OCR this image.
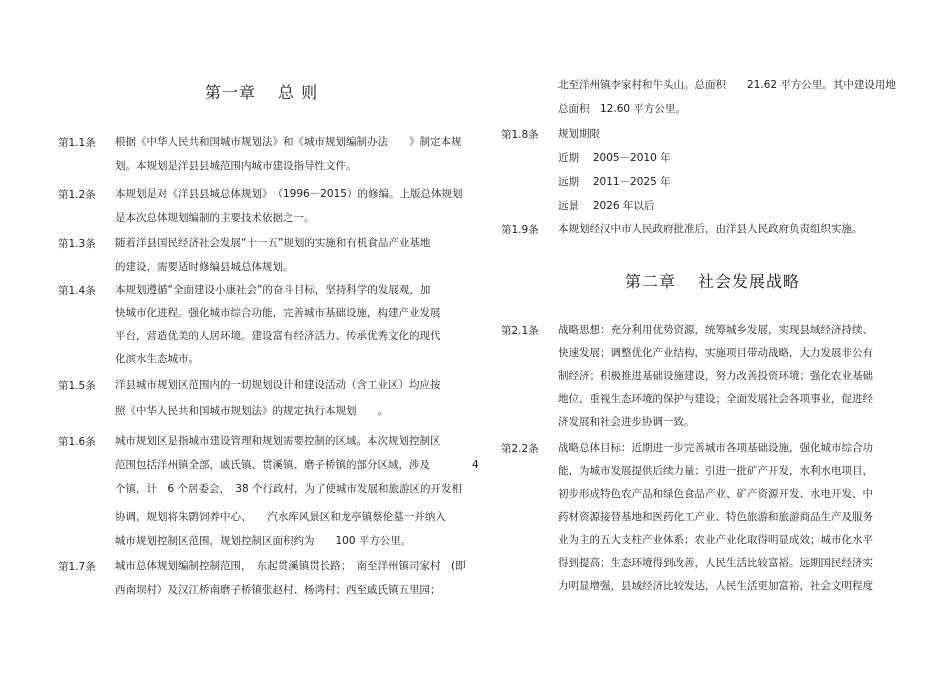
第一章 总 则
第1.1条 根据《中华人民共和国城市规划法》和《城市规划编制办法　　》制定本规
划。本规划是洋县县城范围内城市建设指导性文件。
第1.2条 本规划是对《洋县县城总体规划》　（1996－2015）的修编。上版总体规划
是本次总体规划编制的主要技术依据之一。
第1.3条 随着洋县国民经济社会发展“十一五”规划的实施和有机食品产业基地
的建设，需要适时修编县城总体规划。
第1.4条 本规划遵循“全面建设小康社会”的奋斗目标，坚持科学的发展观，加
快城市化进程。强化城市综合功能，完善城市基础设施，构建产业发展
平台，营造优美的人居环境。建设富有经济活力、传承优秀文化的现代
化滨水生态城市。
第1.5条 洋县城市规划区范围内的一切规划设计和建设活动（含工业区）均应按
照《中华人民共和国城市规划法》的规定执行本规划　　。
第1.6条 城市规划区是指城市建设管理和规划需要控制的区域。本次规划控制区
范围包括洋州镇全部，戚氏镇、贯溪镇、磨子桥镇的部分区域，涉及　　　　4
个镇，计　6 个居委会，　38 个行政村，为了使城市发展和旅游区的开发相
协调，规划将朱鹮饲养中心、　　汽水库风景区和龙亭镇蔡伦墓一并纳入
城市规划控制区范围，规划控制区面积约为　　100 平方公里。
第1.7条 城市总体规划编制控制范围，　东起贯溪镇贯长路；　南至洋州镇司家村　(即
西南坝村）及汉江桥南磨子桥镇张赵村、杨湾村；西至戚氏镇五里园；
北至洋州镇李家村和牛头山。总面积　　21.62 平方公里。其中建设用地
总面积　12.60 平方公里。
第1.8条 规划期限
近期　 2005－2010 年
远期　 2011－2025 年
远景　 2026 年以后
第1.9条 本规划经汉中市人民政府批准后，由洋县人民政府负责组织实施。
第二章 社会发展战略
第2.1条 战略思想：充分利用优势资源，统筹城乡发展，实现县域经济持续、
快速发展；调整优化产业结构，实施项目带动战略，大力发展非公有
制经济；积极推进基础设施建设，努力改善投资环境；强化农业基础
地位，重视生态环境的保护与建设；全面发展社会各项事业，促进经
济发展和社会进步协调一致。
第2.2条 战略总体目标：近期进一步完善城市各项基础设施，强化城市综合功
能，为城市发展提供后续力量；引进一批矿产开发，水利水电项目，
初步形成特色农产品和绿色食品产业、矿产资源开发、水电开发、中
药材资源接替基地和医药化工产业、特色旅游和旅游商品生产及服务
业为主的五大支柱产业体系；农业产业化取得明显成效；城市化水平
得到提高；生态环境得到改善，人民生活比较富裕。远期国民经济实
力明显增强，县域经济比较发达，人民生活更加富裕，社会文明程度
